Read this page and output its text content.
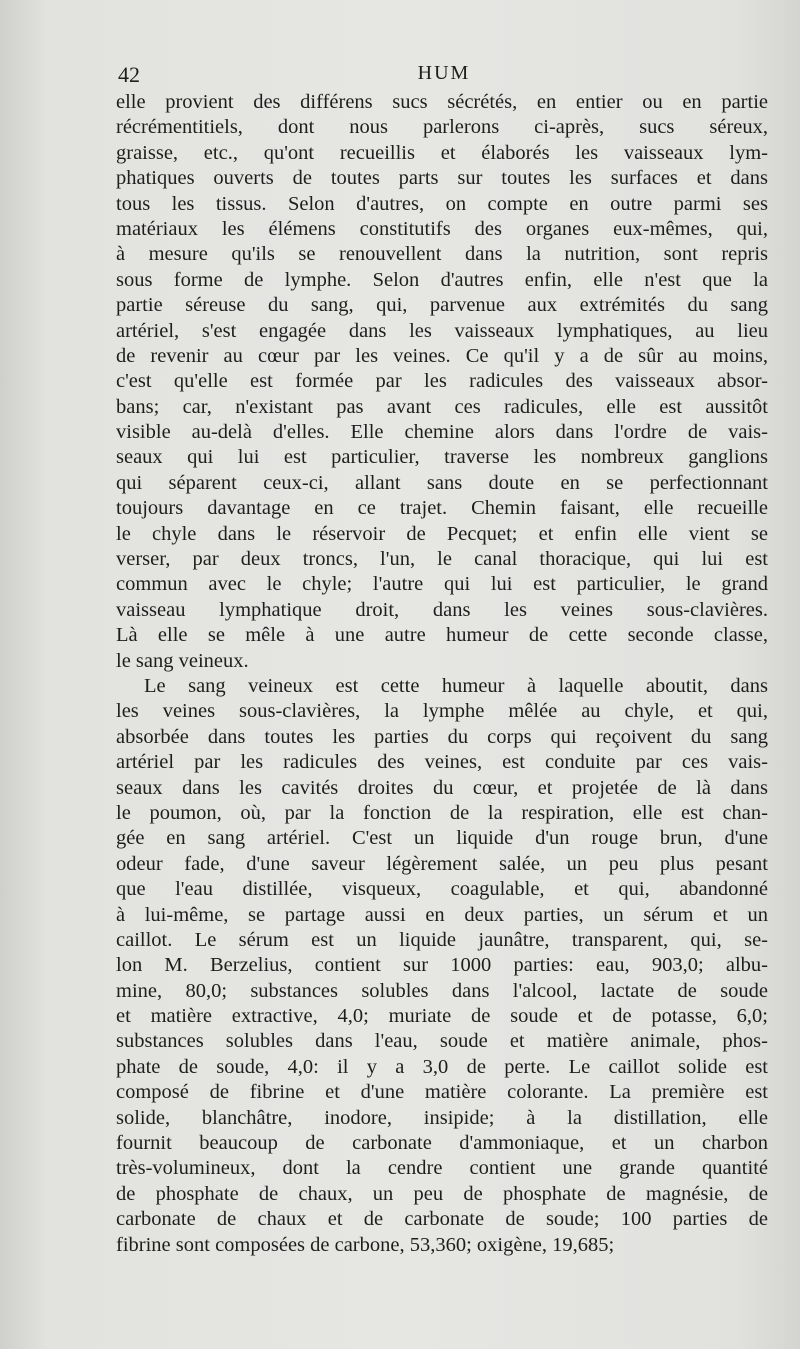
42	HUM
elle provient des différens sucs sécrétés, en entier ou en partie
récrémentitiels, dont nous parlerons ci-après, sucs séreux,
graisse, etc., qu'ont recueillis et élaborés les vaisseaux lym-
phatiques ouverts de toutes parts sur toutes les surfaces et dans
tous les tissus. Selon d'autres, on compte en outre parmi ses
matériaux les élémens constitutifs des organes eux-mêmes, qui,
à mesure qu'ils se renouvellent dans la nutrition, sont repris
sous forme de lymphe. Selon d'autres enfin, elle n'est que la
partie séreuse du sang, qui, parvenue aux extrémités du sang
artériel, s'est engagée dans les vaisseaux lymphatiques, au lieu
de revenir au cœur par les veines. Ce qu'il y a de sûr au moins,
c'est qu'elle est formée par les radicules des vaisseaux absor-
bans; car, n'existant pas avant ces radicules, elle est aussitôt
visible au-delà d'elles. Elle chemine alors dans l'ordre de vais-
seaux qui lui est particulier, traverse les nombreux ganglions
qui séparent ceux-ci, allant sans doute en se perfectionnant
toujours davantage en ce trajet. Chemin faisant, elle recueille
le chyle dans le réservoir de Pecquet; et enfin elle vient se
verser, par deux troncs, l'un, le canal thoracique, qui lui est
commun avec le chyle; l'autre qui lui est particulier, le grand
vaisseau lymphatique droit, dans les veines sous-clavières.
Là elle se mêle à une autre humeur de cette seconde classe,
le sang veineux.
Le sang veineux est cette humeur à laquelle aboutit, dans
les veines sous-clavières, la lymphe mêlée au chyle, et qui,
absorbée dans toutes les parties du corps qui reçoivent du sang
artériel par les radicules des veines, est conduite par ces vais-
seaux dans les cavités droites du cœur, et projetée de là dans
le poumon, où, par la fonction de la respiration, elle est chan-
gée en sang artériel. C'est un liquide d'un rouge brun, d'une
odeur fade, d'une saveur légèrement salée, un peu plus pesant
que l'eau distillée, visqueux, coagulable, et qui, abandonné
à lui-même, se partage aussi en deux parties, un sérum et un
caillot. Le sérum est un liquide jaunâtre, transparent, qui, se-
lon M. Berzelius, contient sur 1000 parties: eau, 903,0; albu-
mine, 80,0; substances solubles dans l'alcool, lactate de soude
et matière extractive, 4,0; muriate de soude et de potasse, 6,0;
substances solubles dans l'eau, soude et matière animale, phos-
phate de soude, 4,0: il y a 3,0 de perte. Le caillot solide est
composé de fibrine et d'une matière colorante. La première est
solide, blanchâtre, inodore, insipide; à la distillation, elle
fournit beaucoup de carbonate d'ammoniaque, et un charbon
très-volumineux, dont la cendre contient une grande quantité
de phosphate de chaux, un peu de phosphate de magnésie, de
carbonate de chaux et de carbonate de soude; 100 parties de
fibrine sont composées de carbone, 53,360; oxigène, 19,685;
